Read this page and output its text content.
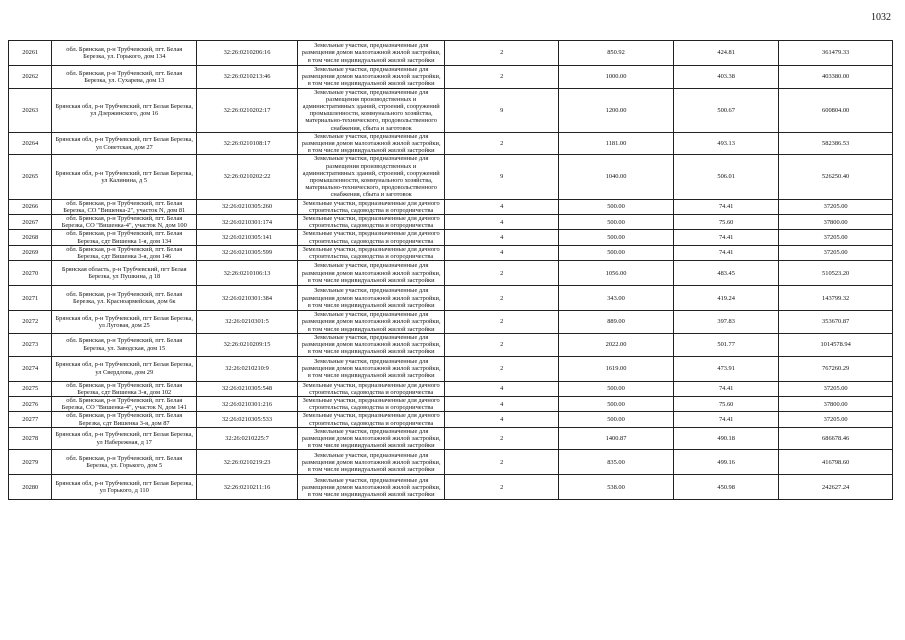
1032
20261	обл. Брянская, р-н Трубчевский, пгт. Белая Березка, ул. Горького, дом 134	32:26:0210206:16	Земельные участки, предназначенные для размещения домов малоэтажной жилой застройки, в том числе индивидуальной жилой застройки	2	850.92	424.81	361479.33
20262	обл. Брянская, р-н Трубчевский, пгт. Белая Березка, ул. Сухарева, дом 13	32:26:0210213:46	Земельные участки, предназначенные для размещения домов малоэтажной жилой застройки, в том числе индивидуальной жилой застройки	2	1000.00	403.38	403380.00
20263	Брянская обл, р-н Трубчевский, пгт Белая Березка, ул Дзержинского, дом 16	32:26:0210202:17	Земельные участки, предназначенные для размещения производственных и административных зданий, строений, сооружений промышленности, коммунального хозяйства, материально-технического, продовольственного снабжения, сбыта и заготовок	9	1200.00	500.67	600804.00
20264	Брянская обл, р-н Трубчевский, пгт Белая Березка, ул Советская, дом 27	32:26:0210108:17	Земельные участки, предназначенные для размещения домов малоэтажной жилой застройки, в том числе индивидуальной жилой застройки	2	1181.00	493.13	582386.53
20265	Брянская обл, р-н Трубчевский, пгт Белая Березка, ул Калинина, д 5	32:26:0210202:22	Земельные участки, предназначенные для размещения производственных и административных зданий, строений, сооружений промышленности, коммунального хозяйства, материально-технического, продовольственного снабжения, сбыта и заготовок	9	1040.00	506.01	526250.40
20266	обл. Брянская, р-н Трубчевский, пгт. Белая Березка, СО "Вишенка-2", участок N, дом 81	32:26:0210305:260	Земельные участки, предназначенные для дачного строительства, садоводства и огородничества	4	500.00	74.41	37205.00
20267	обл. Брянская, р-н Трубчевский, пгт. Белая Березка, СО "Вишенка-4", участок N, дом 100	32:26:0210301:174	Земельные участки, предназначенные для дачного строительства, садоводства и огородничества	4	500.00	75.60	37800.00
20268	обл. Брянская, р-н Трубчевский, пгт. Белая Березка, сдт Вишенка 1-я, дом 134	32:26:0210305:141	Земельные участки, предназначенные для дачного строительства, садоводства и огородничества	4	500.00	74.41	37205.00
20269	обл. Брянская, р-н Трубчевский, пгт. Белая Березка, сдт Вишенка 3-я, дом 146	32:26:0210305:599	Земельные участки, предназначенные для дачного строительства, садоводства и огородничества	4	500.00	74.41	37205.00
20270	Брянская область, р-н Трубчевский, пгт Белая Березка, ул Пушкина, д 18	32:26:0210106:13	Земельные участки, предназначенные для размещения домов малоэтажной жилой застройки, в том числе индивидуальной жилой застройки	2	1056.00	483.45	510523.20
20271	обл. Брянская, р-н Трубчевский, пгт. Белая Березка, ул. Красноармейская, дом 6к	32:26:0210301:384	Земельные участки, предназначенные для размещения домов малоэтажной жилой застройки, в том числе индивидуальной жилой застройки	2	343.00	419.24	143799.32
20272	Брянская обл, р-н Трубчевский, пгт Белая Березка, ул Луговая, дом 25	32:26:0210301:5	Земельные участки, предназначенные для размещения домов малоэтажной жилой застройки, в том числе индивидуальной жилой застройки	2	889.00	397.83	353670.87
20273	обл. Брянская, р-н Трубчевский, пгт. Белая Березка, ул. Заводская, дом 15	32:26:0210209:15	Земельные участки, предназначенные для размещения домов малоэтажной жилой застройки, в том числе индивидуальной жилой застройки	2	2022.00	501.77	1014578.94
20274	Брянская обл, р-н Трубчевский, пгт Белая Березка, ул Свердлова, дом 29	32:26:0210210:9	Земельные участки, предназначенные для размещения домов малоэтажной жилой застройки, в том числе индивидуальной жилой застройки	2	1619.00	473.91	767260.29
20275	обл. Брянская, р-н Трубчевский, пгт. Белая Березка, сдт Вишенка 3-я, дом 102	32:26:0210305:548	Земельные участки, предназначенные для дачного строительства, садоводства и огородничества	4	500.00	74.41	37205.00
20276	обл. Брянская, р-н Трубчевский, пгт. Белая Березка, СО "Вишенка-4", участок N, дом 141	32:26:0210301:216	Земельные участки, предназначенные для дачного строительства, садоводства и огородничества	4	500.00	75.60	37800.00
20277	обл. Брянская, р-н Трубчевский, пгт. Белая Березка, сдт Вишенка 3-я, дом 87	32:26:0210305:533	Земельные участки, предназначенные для дачного строительства, садоводства и огородничества	4	500.00	74.41	37205.00
20278	Брянская обл, р-н Трубчевский, пгт Белая Березка, ул Набережная, д 17	32:26:0210225:7	Земельные участки, предназначенные для размещения домов малоэтажной жилой застройки, в том числе индивидуальной жилой застройки	2	1400.87	490.18	686678.46
20279	обл. Брянская, р-н Трубчевский, пгт. Белая Березка, ул. Горького, дом 5	32:26:0210219:23	Земельные участки, предназначенные для размещения домов малоэтажной жилой застройки, в том числе индивидуальной жилой застройки	2	835.00	499.16	416798.60
20280	Брянская обл, р-н Трубчевский, пгт Белая Березка, ул Горького, д 110	32:26:0210211:16	Земельные участки, предназначенные для размещения домов малоэтажной жилой застройки, в том числе индивидуальной жилой застройки	2	538.00	450.98	242627.24
